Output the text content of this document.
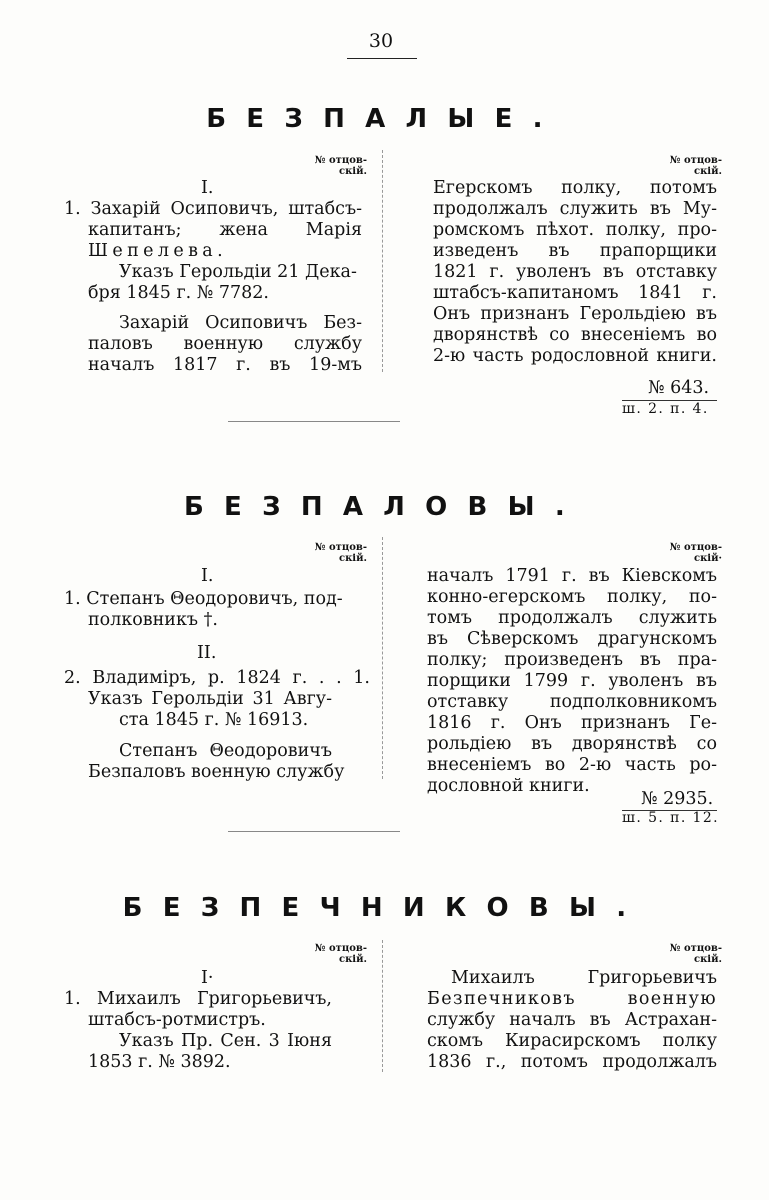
30
БЕЗПАЛЫЕ.
№ отцов-
скій.
№ отцов-
скій.
I.
1. Захарій Осиповичъ, штабсъ-
капитанъ; жена Марія
Шепелева.
Указъ Герольдіи 21 Дека-
бря 1845 г. № 7782.
Захарій Осиповичъ Без-
паловъ военную службу
началъ 1817 г. въ 19-мъ
Егерскомъ полку, потомъ
продолжалъ служить въ Му-
ромскомъ пѣхот. полку, про-
изведенъ въ прапорщики
1821 г. уволенъ въ отставку
штабсъ-капитаномъ 1841 г.
Онъ признанъ Герольдіею въ
дворянствѣ со внесеніемъ во
2-ю часть родословной книги.
№ 643.
ш. 2. п. 4.
БЕЗПАЛОВЫ.
№ отцов-
скій.
№ отцов-
скій·
I.
1. Степанъ Θеодоровичъ, под-
полковникъ †.
II.
2. Владиміръ, р. 1824 г. . . 1.
Указъ Герольдіи 31 Авгу-
ста 1845 г. № 16913.
Степанъ Θеодоровичъ
Безпаловъ военную службу
началъ 1791 г. въ Кіевскомъ
конно-егерскомъ полку, по-
томъ продолжалъ служить
въ Сѣверскомъ драгунскомъ
полку; произведенъ въ пра-
порщики 1799 г. уволенъ въ
отставку подполковникомъ
1816 г. Онъ признанъ Ге-
рольдіею въ дворянствѣ со
внесеніемъ во 2-ю часть ро-
дословной книги.
№ 2935.
ш. 5. п. 12.
БЕЗПЕЧНИКОВЫ.
№ отцов-
скій.
№ отцов-
скій.
I·
1. Михаилъ Григорьевичъ,
штабсъ-ротмистръ.
Указъ Пр. Сен. 3 Іюня
1853 г. № 3892.
Михаилъ Григорьевичъ
Безпечниковъ военную
службу началъ въ Астрахан-
скомъ Кирасирскомъ полку
1836 г., потомъ продолжалъ
